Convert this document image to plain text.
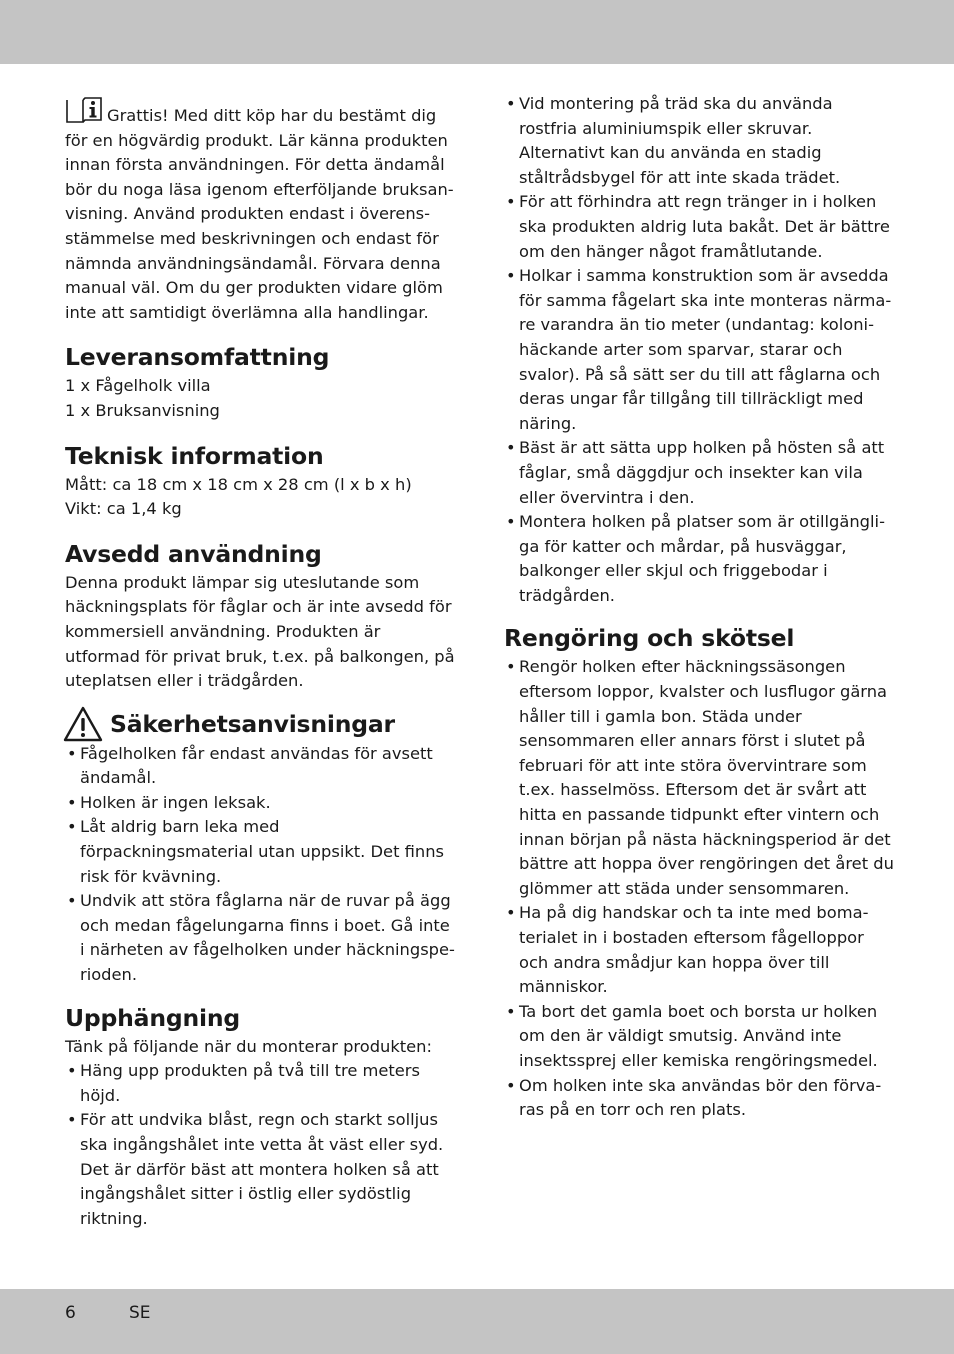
Grattis! Med ditt köp har du bestämt dig för en högvärdig produkt. Lär känna produkten innan första användningen. För detta ändamål bör du noga läsa igenom efterföljande bruksanvisning. Använd produkten endast i överensstämmelse med beskrivningen och endast för nämnda användningsändamål. Förvara denna manual väl. Om du ger produkten vidare glöm inte att samtidigt överlämna alla handlingar.

Leveransomfattning

1 x Fågelholk villa

1 x Bruksanvisning

Teknisk information

Mått: ca 18 cm x 18 cm x 28 cm (l x b x h)

Vikt: ca 1,4 kg

Avsedd användning

Denna produkt lämpar sig uteslutande som häckningsplats för fåglar och är inte avsedd för kommersiell användning. Produkten är utformad för privat bruk, t.ex. på balkongen, på uteplatsen eller i trädgården.

Säkerhetsanvisningar
• Fågelholken får endast användas för avsett ändamål.
• Holken är ingen leksak.
• Låt aldrig barn leka med förpackningsmaterial utan uppsikt. Det finns risk för kvävning.
• Undvik att störa fåglarna när de ruvar på ägg och medan fågelungarna finns i boet. Gå inte i närheten av fågelholken under häckningsperioden.
Upphängning

Tänk på följande när du monterar produkten:

• Häng upp produkten på två till tre meters höjd.
• För att undvika blåst, regn och starkt solljus ska ingångshålet inte vetta åt väst eller syd. Det är därför bäst att montera holken så att ingångshålet sitter i östlig eller sydöstlig riktning.
• Vid montering på träd ska du använda rostfria aluminiumspik eller skruvar. Alternativt kan du använda en stadig ståltrådsbygel för att inte skada trädet.
• För att förhindra att regn tränger in i holken ska produkten aldrig luta bakåt. Det är bättre om den hänger något framåtlutande.
• Holkar i samma konstruktion som är avsedda för samma fågelart ska inte monteras närmare varandra än tio meter (undantag: kolonihäckande arter som sparvar, starar och svalor). På så sätt ser du till att fåglarna och deras ungar får tillgång till tillräckligt med näring.
• Bäst är att sätta upp holken på hösten så att fåglar, små däggdjur och insekter kan vila eller övervintra i den.
• Montera holken på platser som är otillgängliga för katter och mårdar, på husväggar, balkonger eller skjul och friggebodar i trädgården.
Rengöring och skötsel
• Rengör holken efter häckningssäsongen eftersom loppor, kvalster och lusflugor gärna håller till i gamla bon. Städa under sensommaren eller annars först i slutet på februari för att inte störa övervintrare som t.ex. hasselmöss. Eftersom det är svårt att hitta en passande tidpunkt efter vintern och innan början på nästa häckningsperiod är det bättre att hoppa över rengöringen det året du glömmer att städa under sensommaren.
• Ha på dig handskar och ta inte med bomaterialet in i bostaden eftersom fågelloppor och andra smådjur kan hoppa över till människor.
• Ta bort det gamla boet och borsta ur holken om den är väldigt smutsig. Använd inte insektssprej eller kemiska rengöringsmedel.
• Om holken inte ska användas bör den förvaras på en torr och ren plats.
6	SE
